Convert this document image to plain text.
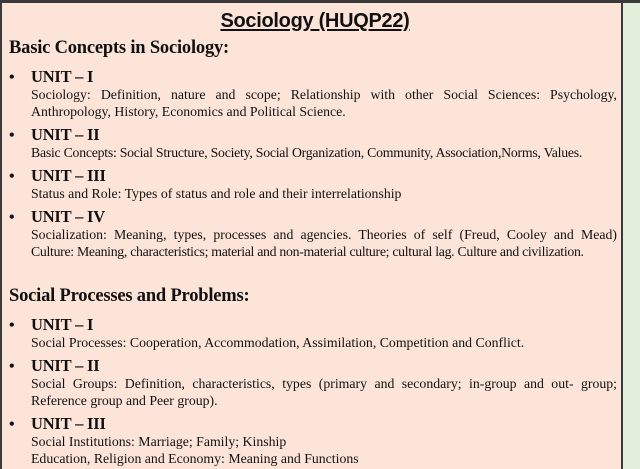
Sociology (HUQP22)
Basic Concepts in Sociology:
• UNIT – I
Sociology: Definition, nature and scope; Relationship with other Social Sciences: Psychology,
Anthropology, History, Economics and Political Science.
• UNIT – II
Basic Concepts: Social Structure, Society, Social Organization, Community, Association,Norms, Values.
• UNIT – III
Status and Role: Types of status and role and their interrelationship
• UNIT – IV
Socialization: Meaning, types, processes and agencies. Theories of self (Freud, Cooley and Mead)
Culture: Meaning, characteristics; material and non-material culture; cultural lag. Culture and civilization.
Social Processes and Problems:
• UNIT – I
Social Processes: Cooperation, Accommodation, Assimilation, Competition and Conflict.
• UNIT – II
Social Groups: Definition, characteristics, types (primary and secondary; in-group and out- group;
Reference group and Peer group).
• UNIT – III
Social Institutions: Marriage; Family; Kinship
Education, Religion and Economy: Meaning and Functions
